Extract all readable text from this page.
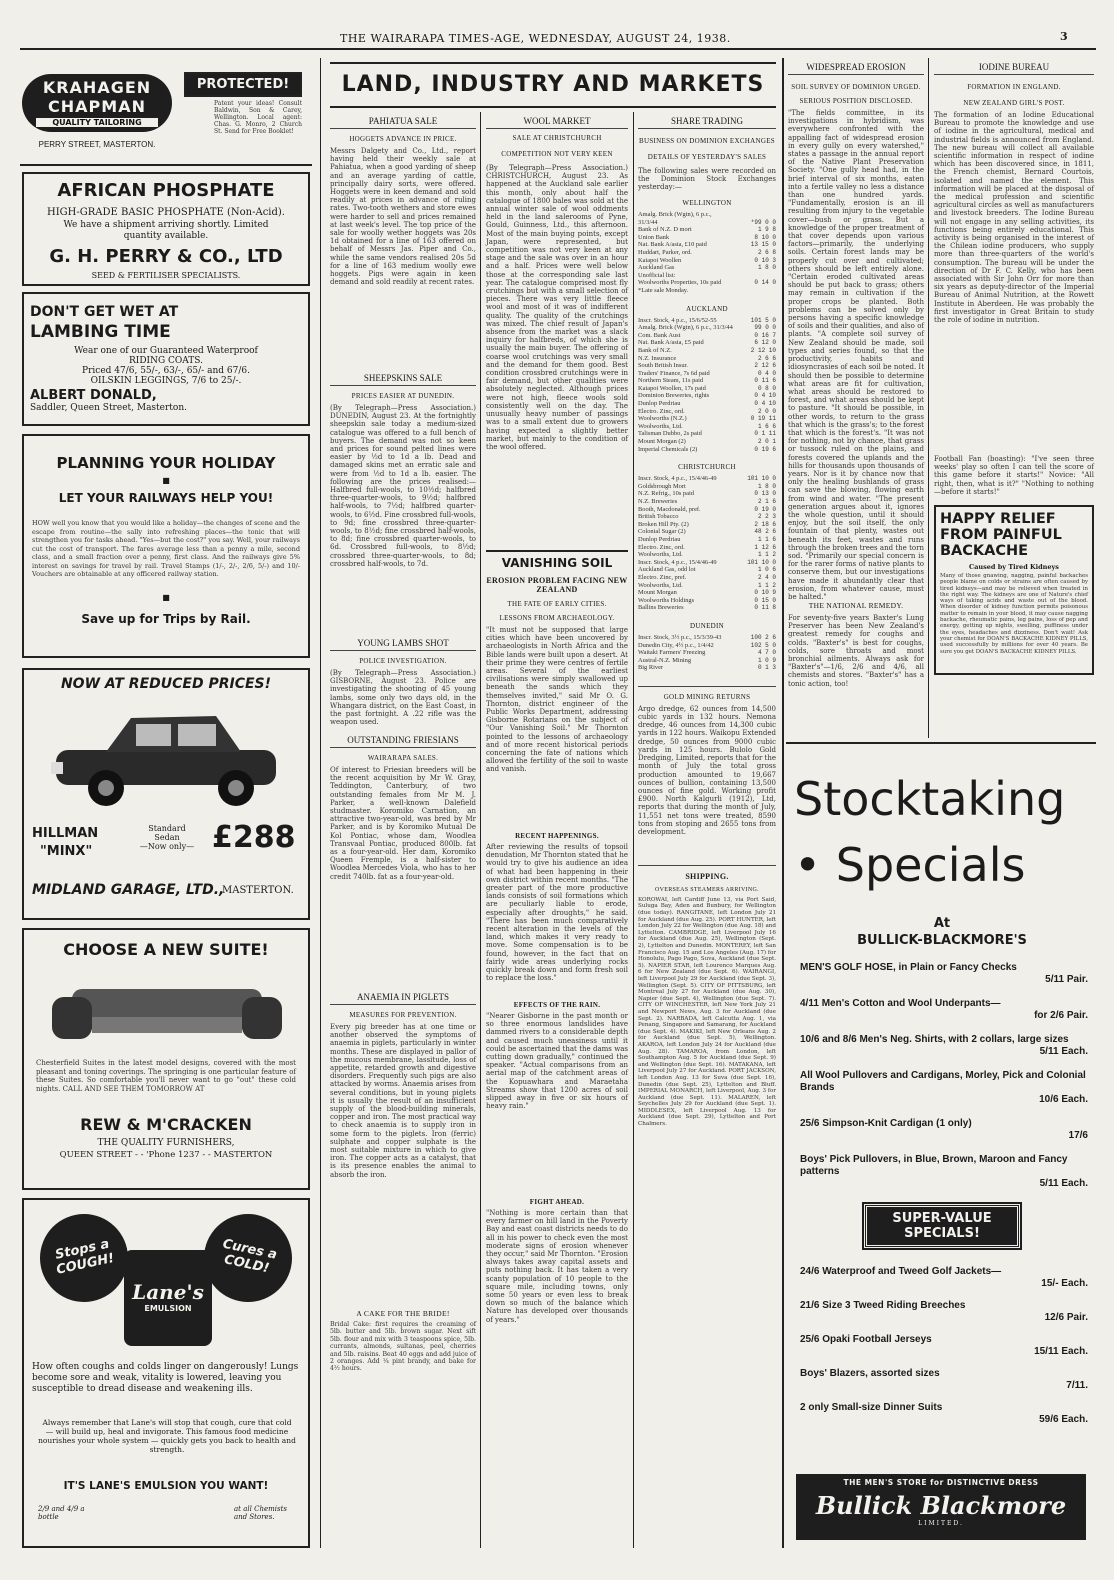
THE WAIRARAPA TIMES-AGE, WEDNESDAY, AUGUST 24, 1938.	3
KRAHAGEN
CHAPMAN
QUALITY TAILORING
PERRY STREET, MASTERTON.
PROTECTED!
Patent your ideas! Consult Baldwin, Son & Carey, Wellington. Local agent: Chas. G. Monro, 2 Church St. Send for Free Booklet!
AFRICAN PHOSPHATE
HIGH-GRADE BASIC PHOSPHATE (Non-Acid).
We have a shipment arriving shortly. Limited quantity available.
G. H. PERRY & CO., LTD
SEED & FERTILISER SPECIALISTS.
DON'T GET WET AT
LAMBING TIME
Wear one of our Guaranteed Waterproof
RIDING COATS.
Priced 47/6, 55/-, 63/-, 65/- and 67/6.
OILSKIN LEGGINGS, 7/6 to 25/-.
ALBERT DONALD,
Saddler, Queen Street, Masterton.
PLANNING YOUR HOLIDAY
■
LET YOUR RAILWAYS HELP YOU!
HOW well you know that you would like a holiday—the changes of scene and the escape from routine—the sally into refreshing places—the tonic that will strengthen you for tasks ahead. "Yes—but the cost?" you say. Well, your railways cut the cost of transport. The fares average less than a penny a mile, second class, and a small fraction over a penny, first class. And the railways give 5% interest on savings for travel by rail. Travel Stamps (1/-, 2/-, 2/6, 5/-) and 10/- Vouchers are obtainable at any officered railway station.
■
Save up for Trips by Rail.
NOW AT REDUCED PRICES!
HILLMAN
"MINX"
Standard
Sedan
—Now only— £288
MIDLAND GARAGE, LTD.,
MASTERTON.
CHOOSE A NEW SUITE!
Chesterfield Suites in the latest model designs, covered with the most pleasant and toning coverings. The springing is one particular feature of these Suites. So comfortable you'll never want to go "out" these cold nights. CALL AND SEE THEM TOMORROW AT
REW & M'CRACKEN
THE QUALITY FURNISHERS,
QUEEN STREET - - 'Phone 1237 - - MASTERTON
Stops a COUGH!
Cures a COLD!
Lane's
EMULSION
How often coughs and colds linger on dangerously! Lungs become sore and weak, vitality is lowered, leaving you susceptible to dread disease and weakening ills.
Always remember that Lane's will stop that cough, cure that cold — will build up, heal and invigorate. This famous food medicine nourishes your whole system — quickly gets you back to health and strength.
IT'S LANE'S EMULSION YOU WANT!
2/9 and 4/9 a bottle
at all Chemists and Stores.
LAND, INDUSTRY AND MARKETS
PAHIATUA SALE
HOGGETS ADVANCE IN PRICE.
Messrs Dalgety and Co., Ltd., report having held their weekly sale at Pahiatua, when a good yarding of sheep and an average yarding of cattle, principally dairy sorts, were offered. Hoggets were in keen demand and sold readily at prices in advance of ruling rates. Two-tooth wethers and store ewes were harder to sell and prices remained at last week's level. The top price of the sale for woolly wether hoggets was 20s 1d obtained for a line of 163 offered on behalf of Messrs Jas. Piper and Co., while the same vendors realised 20s 5d for a line of 163 medium woolly ewe hoggets. Pigs were again in keen demand and sold readily at recent rates.
SHEEPSKINS SALE
PRICES EASIER AT DUNEDIN.
(By Telegraph—Press Association.) DUNEDIN, August 23. At the fortnightly sheepskin sale today a medium-sized catalogue was offered to a full bench of buyers. The demand was not so keen and prices for sound pelted lines were easier by ½d to 1d a lb. Dead and damaged skins met an erratic sale and were from ½d to 1d a lb. easier. The following are the prices realised:—Halfbred full-wools, to 10½d; halfbred three-quarter-wools, to 9½d; halfbred half-wools, to 7½d; halfbred quarter-wools, to 6½d. Fine crossbred full-wools, to 9d; fine crossbred three-quarter-wools, to 8½d; fine crossbred half-wools, to 8d; fine crossbred quarter-wools, to 6d. Crossbred full-wools, to 8½d; crossbred three-quarter-wools, to 8d; crossbred half-wools, to 7d.
YOUNG LAMBS SHOT
POLICE INVESTIGATION.
(By Telegraph—Press Association.) GISBORNE, August 23. Police are investigating the shooting of 45 young lambs, some only two days old, in the Whangara district, on the East Coast, in the past fortnight. A .22 rifle was the weapon used.
OUTSTANDING FRIESIANS
WAIRARAPA SALES.
Of interest to Friesian breeders will be the recent acquisition by Mr W. Gray, Teddington, Canterbury, of two outstanding females from Mr M. J. Parker, a well-known Dalefield studmaster. Koromiko Carnation, an attractive two-year-old, was bred by Mr Parker, and is by Koromiko Mutual De Kol Pontiac, whose dam, Woodlea Transvaal Pontiac, produced 800lb. fat as a four-year-old. Her dam, Koromiko Queen Fremple, is a half-sister to Woodlea Mercedes Viola, who has to her credit 740lb. fat as a four-year-old.
ANAEMIA IN PIGLETS
MEASURES FOR PREVENTION.
Every pig breeder has at one time or another observed the symptoms of anaemia in piglets, particularly in winter months. These are displayed in pallor of the mucous membrane, lassitude, loss of appetite, retarded growth and digestive disorders. Frequently such pigs are also attacked by worms. Anaemia arises from several conditions, but in young piglets it is usually the result of an insufficient supply of the blood-building minerals, copper and iron. The most practical way to check anaemia is to supply iron in some form to the piglets. Iron (ferric) sulphate and copper sulphate is the most suitable mixture in which to give iron. The copper acts as a catalyst, that is its presence enables the animal to absorb the iron.
A CAKE FOR THE BRIDE!
Bridal Cake: first requires the creaming of 5lb. butter and 5lb. brown sugar. Next sift 5lb. flour and mix with 3 teaspoons spice, 5lb. currants, almonds, sultanas, peel, cherries and 5lb. raisins. Beat 40 eggs and add juice of 2 oranges. Add ¼ pint brandy, and bake for 4½ hours.
WOOL MARKET
SALE AT CHRISTCHURCH
COMPETITION NOT VERY KEEN
(By Telegraph—Press Association.) CHRISTCHURCH, August 23. As happened at the Auckland sale earlier this month, only about half the catalogue of 1800 bales was sold at the annual winter sale of wool oddments held in the land salerooms of Pyne, Gould, Guinness, Ltd., this afternoon. Most of the main buying points, except Japan, were represented, but competition was not very keen at any stage and the sale was over in an hour and a half. Prices were well below those at the corresponding sale last year. The catalogue comprised most fly crutchings but with a small selection of pieces. There was very little fleece wool and most of it was of indifferent quality. The quality of the crutchings was mixed. The chief result of Japan's absence from the market was a slack inquiry for halfbreds, of which she is usually the main buyer. The offering of coarse wool crutchings was very small and the demand for them good. Best condition crossbred crutchings were in fair demand, but other qualities were absolutely neglected. Although prices were not high, fleece wools sold consistently well on the day. The unusually heavy number of passings was to a small extent due to growers having expected a slightly better market, but mainly to the condition of the wool offered.
VANISHING SOIL
EROSION PROBLEM FACING NEW ZEALAND
THE FATE OF EARLY CITIES.
LESSONS FROM ARCHAEOLOGY.
"It must not be supposed that large cities which have been uncovered by archaeologists in North Africa and the Bible lands were built upon a desert. At their prime they were centres of fertile areas. Several of the earliest civilisations were simply swallowed up beneath the sands which they themselves invited," said Mr O. G. Thornton, district engineer of the Public Works Department, addressing Gisborne Rotarians on the subject of "Our Vanishing Soil." Mr Thornton pointed to the lessons of archaeology and of more recent historical periods concerning the fate of nations which allowed the fertility of the soil to waste and vanish.
RECENT HAPPENINGS.
After reviewing the results of topsoil denudation, Mr Thornton stated that he would try to give his audience an idea of what had been happening in their own district within recent months. "The greater part of the more productive lands consists of soil formations which are peculiarly liable to erode, especially after droughts," he said. "There has been much comparatively recent alteration in the levels of the land, which makes it very ready to move. Some compensation is to be found, however, in the fact that on fairly wide areas underlying rocks quickly break down and form fresh soil to replace the loss."
EFFECTS OF THE RAIN.
"Nearer Gisborne in the past month or so three enormous landslides have dammed rivers to a considerable depth and caused much uneasiness until it could be ascertained that the dams was cutting down gradually," continued the speaker. "Actual comparisons from an aerial map of the catchment areas of the Kopuawhara and Maraetaha Streams show that 1200 acres of soil slipped away in five or six hours of heavy rain."
FIGHT AHEAD.
"Nothing is more certain than that every farmer on hill land in the Poverty Bay and east coast districts needs to do all in his power to check even the most moderate signs of erosion whenever they occur," said Mr Thornton. "Erosion always takes away capital assets and puts nothing back. It has taken a very scanty population of 10 people to the square mile, including towns, only some 50 years or even less to break down so much of the balance which Nature has developed over thousands of years."
SHARE TRADING
BUSINESS ON DOMINION EXCHANGES
DETAILS OF YESTERDAY'S SALES
The following sales were recorded on the Dominion Stock Exchanges yesterday:—
WELLINGTON
Amalg. Brick (Wgtn), 6 p.c.,
31/3/44	*99 0 0
Bank of N.Z. D mort	1 9 8
Union Bank	8 10 0
Nat. Bank A/asia, £10 paid	13 15 0
Huddart, Parker, ord.	2 6 8
Kaiapoi Woollen	0 10 3
Auckland Gas	1 8 0
Unofficial list:
Woolworths Properties, 10s paid	0 14 0
*Late sale Monday.
AUCKLAND
Inscr. Stock, 4 p.c., 15/6/52-55	101 5 0
Amalg. Brick (Wgtn), 6 p.c., 31/3/44	99 0 0
Com. Bank Aust	0 16 7
Nat. Bank A/asia, £5 paid	6 12 0
Bank of N.Z.	2 12 10
N.Z. Insurance	2 6 6
South British Insur.	2 12 6
Traders' Finance, 7s 6d paid	0 4 0
Northern Steam, 11s paid	0 11 6
Kaiapoi Woollen, 17s paid	0 8 0
Dominion Breweries, rights	0 4 10
Dunlop Perdriau	0 4 10
Electro. Zinc, ord.	2 0 0
Woolworths (N.Z.)	0 19 11
Woolworths, Ltd.	1 6 6
Talisman Dubbo, 2s paid	0 1 11
Mount Morgan (2)	2 0 1
Imperial Chemicals (2)	0 19 6
CHRISTCHURCH
Inscr. Stock, 4 p.c., 15/4/46-49	101 10 0
Goldsbrough Mort	1 8 0
N.Z. Refrig., 10s paid	0 13 0
N.Z. Breweries	2 1 6
Booth, Macdonald, pref.	0 19 0
British Tobacco	2 2 3
Broken Hill Pty. (2)	2 18 6
Colonial Sugar (2)	48 2 6
Dunlop Perdriau	1 1 6
Electro. Zinc, ord.	1 12 6
Woolworths, Ltd.	1 1 2
Inscr. Stock, 4 p.c., 15/4/46-49	101 10 0
Auckland Gas, odd lot	1 0 6
Electro. Zinc, pref.	2 4 0
Woolworths, Ltd.	1 1 2
Mount Morgan	0 10 9
Woolworths Holdings	0 15 0
Ballins Breweries	0 11 8
DUNEDIN
Inscr. Stock, 3½ p.c., 15/3/39-43	100 2 6
Dunedin City, 4½ p.c., 1/4/42	102 5 0
Waitaki Farmers' Freezing	4 7 0
Austral-N.Z. Mining	1 0 9
Big River	0 1 3
GOLD MINING RETURNS
Argo dredge, 62 ounces from 14,500 cubic yards in 132 hours. Nemona dredge, 46 ounces from 14,300 cubic yards in 122 hours. Waikopu Extended dredge, 50 ounces from 9000 cubic yards in 125 hours. Bulolo Gold Dredging, Limited, reports that for the month of July the total gross production amounted to 19,667 ounces of bullion, containing 13,500 ounces of fine gold. Working profit £900. North Kalgurli (1912), Ltd, reports that during the month of July, 11,551 net tons were treated, 8590 tons from stoping and 2655 tons from development.
SHIPPING.
OVERSEAS STEAMERS ARRIVING.
KOROWAI, left Cardiff June 13, via Port Said, Suluga Bay, Aden and Bunbury, for Wellington (due today). RANGITANE, left London July 21 for Auckland (due Aug. 25). PORT HUNTER, left London July 22 for Wellington (due Aug. 18) and Lyttelton. CAMBRIDGE, left Liverpool July 16 for Auckland (due Aug. 25), Wellington (Sept. 2), Lyttelton and Dunedin. MONTEREY, left San Francisco Aug. 15 and Los Angeles (Aug. 17) for Honolulu, Pago Pago, Suva, Auckland (due Sept. 5). NAPIER STAR, left Lourenco Marques Aug. 6 for New Zealand (due Sept. 6). WAIRANGI, left Liverpool July 29 for Auckland (due Sept. 3), Wellington (Sept. 5). CITY OF PITTSBURG, left Montreal July 27 for Auckland (due Aug. 30), Napier (due Sept. 4), Wellington (due Sept. 7). CITY OF WINCHESTER, left New York July 21 and Newport News, Aug. 3 for Auckland (due Sept. 2). NARBADA, left Calcutta Aug. 1, via Penang, Singapore and Samarang, for Auckland (due Sept. 4). MAKIKI, left New Orleans Aug. 2 for Auckland (due Sept. 5), Wellington. AKAROA, left London July 24 for Auckland (due Aug. 28). TAMAROA, from London, left Southampton Aug. 5 for Auckland (due Sept. 9) and Wellington (due Sept. 16). MATAKANA, left Liverpool July 27 for Auckland. PORT JACKSON, left London Aug. 13 for Suva (due Sept. 16), Dunedin (due Sept. 25), Lyttelton and Bluff. IMPERIAL MONARCH, left Liverpool, Aug. 3 for Auckland (due Sept. 11). MALAREN, left Seychelles July 29 for Auckland (due Sept. 1). MIDDLESEX, left Liverpool Aug. 13 for Auckland (due Sept. 29), Lyttelton and Port Chalmers.
WIDESPREAD EROSION
SOIL SURVEY OF DOMINION URGED.
SERIOUS POSITION DISCLOSED.
"The fields committee, in its investigations in hybridism, was everywhere confronted with the appalling fact of widespread erosion in every gully on every watershed," states a passage in the annual report of the Native Plant Preservation Society. "One gully head had, in the brief interval of six months, eaten into a fertile valley no less a distance than one hundred yards. "Fundamentally, erosion is an ill resulting from injury to the vegetable cover—bush or grass. But a knowledge of the proper treatment of that cover depends upon various factors—primarily, the underlying soils. Certain forest lands may be properly cut over and cultivated; others should be left entirely alone. "Certain eroded cultivated areas should be put back to grass; others may remain in cultivation if the proper crops be planted. Both problems can be solved only by persons having a specific knowledge of soils and their qualities, and also of plants. "A complete soil survey of New Zealand should be made, soil types and series found, so that the productivity, habits and idiosyncrasies of each soil be noted. It should then be possible to determine what areas are fit for cultivation, what areas should be restored to forest, and what areas should be kept to pasture. "It should be possible, in other words, to return to the grass that which is the grass's; to the forest that which is the forest's. "It was not for nothing, not by chance, that grass or tussock ruled on the plains, and forests covered the uplands and the hills for thousands upon thousands of years. Nor is it by chance now that only the healing bushlands of grass can save the blowing, flowing earth from wind and water. "The present generation argues about it, ignores the whole question, until it should enjoy, but the soil itself, the only fountain of that plenty, wastes out beneath its feet, wastes and runs through the broken trees and the torn sod. "Primarily our special concern is for the rarer forms of native plants to conserve them, but our investigations have made it abundantly clear that erosion, from whatever cause, must be halted."
THE NATIONAL REMEDY.
For seventy-five years Baxter's Lung Preserver has been New Zealand's greatest remedy for coughs and colds. "Baxter's" is best for coughs, colds, sore throats and most bronchial ailments. Always ask for "Baxter's"—1/6, 2/6 and 4/6, all chemists and stores. "Baxter's" has a tonic action, too!
IODINE BUREAU
FORMATION IN ENGLAND.
NEW ZEALAND GIRL'S POST.
The formation of an Iodine Educational Bureau to promote the knowledge and use of iodine in the agricultural, medical and industrial fields is announced from England. The new bureau will collect all available scientific information in respect of iodine which has been discovered since, in 1811, the French chemist, Bernard Courtois, isolated and named the element. This information will be placed at the disposal of the medical profession and scientific agricultural circles as well as manufacturers and livestock breeders. The Iodine Bureau will not engage in any selling activities, its functions being entirely educational. This activity is being organised in the interest of the Chilean iodine producers, who supply more than three-quarters of the world's consumption. The bureau will be under the direction of Dr F. C. Kelly, who has been associated with Sir John Orr for more than six years as deputy-director of the Imperial Bureau of Animal Nutrition, at the Rowett Institute in Aberdeen. He was probably the first investigator in Great Britain to study the role of iodine in nutrition.
Football Fan (boasting): "I've seen three weeks' play so often I can tell the score of this game before it starts!" Novice: "All right, then, what is it?" "Nothing to nothing—before it starts!"
HAPPY RELIEF FROM PAINFUL BACKACHE
Caused by Tired Kidneys
Many of those gnawing, nagging, painful backaches people blame on colds or strains are often caused by tired kidneys—and may be relieved when treated in the right way. The kidneys are one of Nature's chief ways of taking acids and waste out of the blood. When disorder of kidney function permits poisonous matter to remain in your blood, it may cause nagging backache, rheumatic pains, leg pains, loss of pep and energy, getting up nights, swelling, puffiness under the eyes, headaches and dizziness. Don't wait! Ask your chemist for DOAN'S BACKACHE KIDNEY PILLS, used successfully by millions for over 40 years. Be sure you get DOAN'S BACKACHE KIDNEY PILLS.
Stocktaking
• Specials
At
BULLICK-BLACKMORE'S
MEN'S GOLF HOSE, in Plain or Fancy Checks
5/11 Pair.
4/11 Men's Cotton and Wool Underpants—
for 2/6 Pair.
10/6 and 8/6 Men's Neg. Shirts, with 2 collars, large sizes
5/11 Each.
All Wool Pullovers and Cardigans, Morley, Pick and Colonial Brands
10/6 Each.
25/6 Simpson-Knit Cardigan (1 only)
17/6
Boys' Pick Pullovers, in Blue, Brown, Maroon and Fancy patterns
5/11 Each.
SUPER-VALUE SPECIALS!
24/6 Waterproof and Tweed Golf Jackets—
15/- Each.
21/6 Size 3 Tweed Riding Breeches
12/6 Pair.
25/6 Opaki Football Jerseys
15/11 Each.
Boys' Blazers, assorted sizes
7/11.
2 only Small-size Dinner Suits
59/6 Each.
THE MEN'S STORE for DISTINCTIVE DRESS
Bullick Blackmore
LIMITED.
